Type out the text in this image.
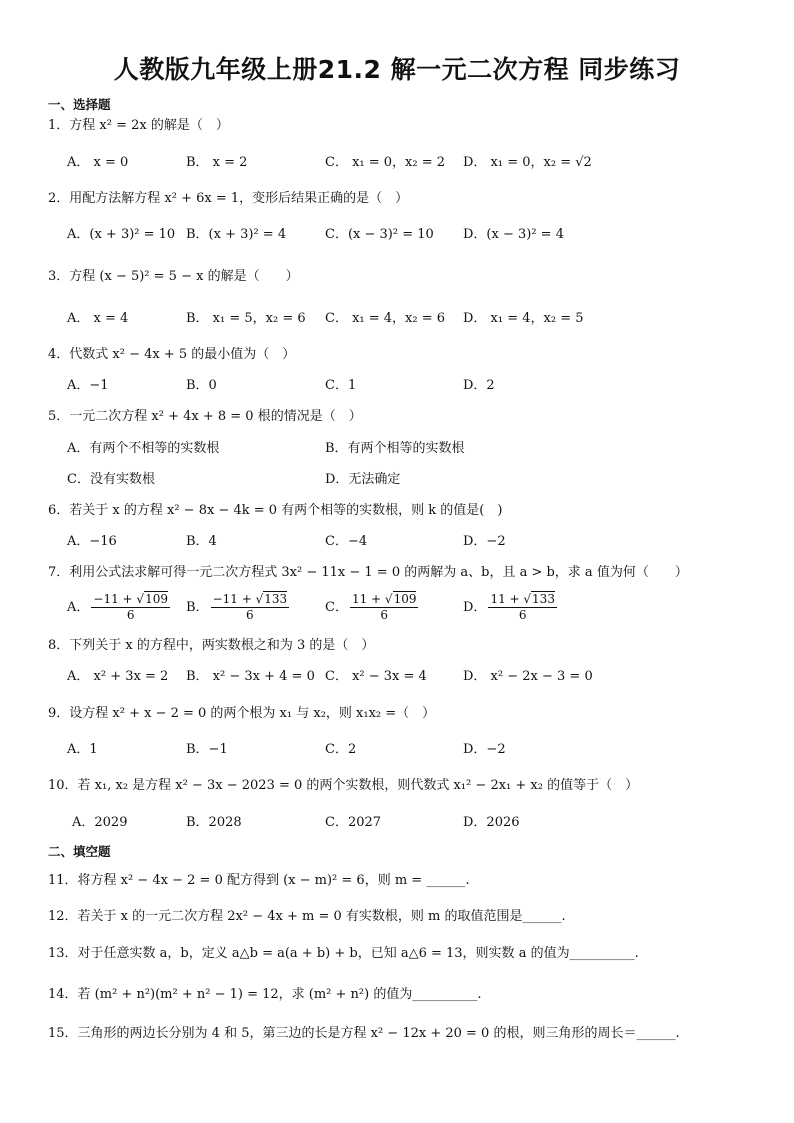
人教版九年级上册21.2 解一元二次方程 同步练习
一、选择题
1．方程 x² = 2x 的解是（　）
A． x = 0	B． x = 2	C． x₁ = 0，x₂ = 2 D． x₁ = 0，x₂ = √2
2．用配方法解方程 x² + 6x = 1，变形后结果正确的是（　）
A．(x + 3)² = 10 B．(x + 3)² = 4	C．(x − 3)² = 10 D．(x − 3)² = 4
3．方程 (x − 5)² = 5 − x 的解是（　　）
A． x = 4	B． x₁ = 5，x₂ = 6 C． x₁ = 4，x₂ = 6 D． x₁ = 4，x₂ = 5
4．代数式 x² − 4x + 5 的最小值为（　）
A．−1	B．0	C．1	D．2
5．一元二次方程 x² + 4x + 8 = 0 根的情况是（　）
A．有两个不相等的实数根	B．有两个相等的实数根
C．没有实数根	D．无法确定
6．若关于 x 的方程 x² − 8x − 4k = 0 有两个相等的实数根，则 k 的值是(　)
A．−16	B．4	C．−4	D．−2
7．利用公式法求解可得一元二次方程式 3x² − 11x − 1 = 0 的两解为 a、b，且 a > b，求 a 值为何（　　）
A． $\frac{-11 + √109}{6}$ B． $\frac{-11 + √133}{6}$	C． $\frac{11 + √109}{6}$	D． $\frac{11 + √133}{6}$
8．下列关于 x 的方程中，两实数根之和为 3 的是（　）
A． x² + 3x = 2 B． x² − 3x + 4 = 0 C． x² − 3x = 4	D． x² − 2x − 3 = 0
9．设方程 x² + x − 2 = 0 的两个根为 x₁ 与 x₂，则 x₁x₂ =（　）
A．1	B．−1	C．2	D．−2
10．若 x₁, x₂ 是方程 x² − 3x − 2023 = 0 的两个实数根，则代数式 x₁² − 2x₁ + x₂ 的值等于（　）
A．2029	B．2028	C．2027	D．2026
二、填空题
11．将方程 x² − 4x − 2 = 0 配方得到 (x − m)² = 6，则 m = ______.
12．若关于 x 的一元二次方程 2x² − 4x + m = 0 有实数根，则 m 的取值范围是______.
13．对于任意实数 a，b，定义 a△b = a(a + b) + b，已知 a△6 = 13，则实数 a 的值为__________.
14．若 (m² + n²)(m² + n² − 1) = 12，求 (m² + n²) 的值为__________.
15．三角形的两边长分别为 4 和 5，第三边的长是方程 x² − 12x + 20 = 0 的根，则三角形的周长＝______.
